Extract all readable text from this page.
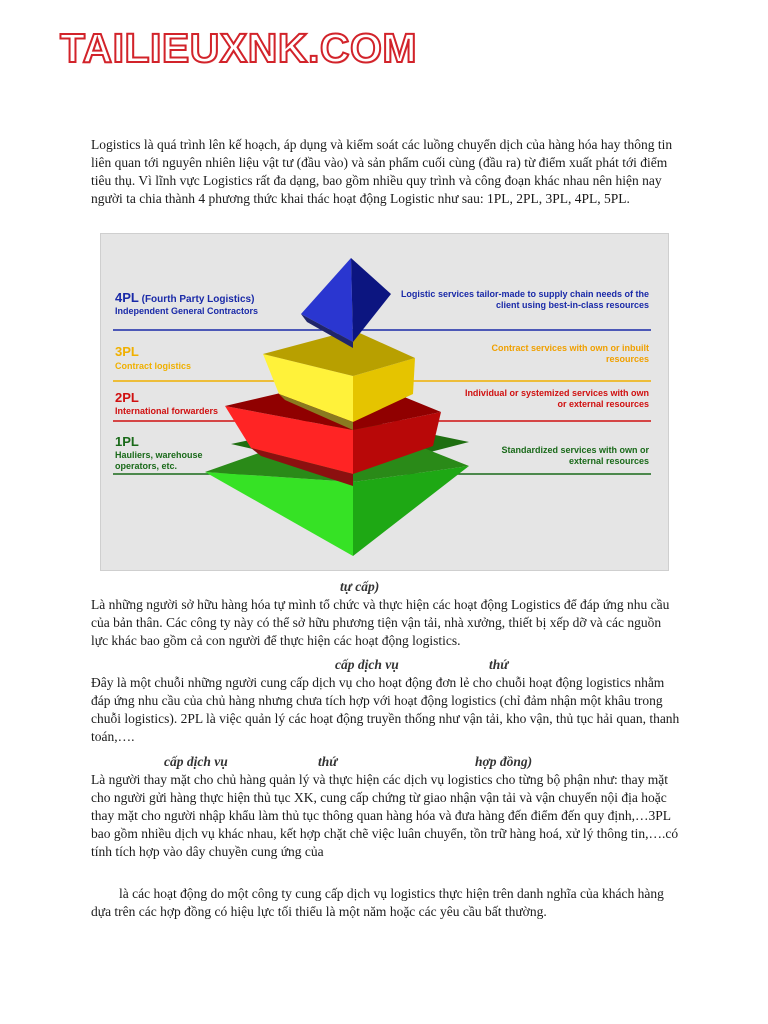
TAILIEUXNK.COM

Logistics là quá trình lên kế hoạch, áp dụng và kiểm soát các luồng chuyển dịch của hàng hóa hay thông tin liên quan tới nguyên nhiên liệu vật tư (đầu vào) và sản phẩm cuối cùng (đầu ra) từ điểm xuất phát tới điểm tiêu thụ. Vì lĩnh vực Logistics rất đa dạng, bao gồm nhiều quy trình và công đoạn khác nhau nên hiện nay người ta chia thành 4 phương thức khai thác hoạt động Logistic như sau: 1PL, 2PL, 3PL, 4PL, 5PL.

4PL (Fourth Party Logistics)
Independent General Contractors
3PL
Contract logistics
2PL
International forwarders
1PL
Hauliers, warehouse
operators, etc.
Logistic services tailor-made to supply chain needs of the
client using best-in-class resources
Contract services with own or inbuilt
resources
Individual or systemized services with own
or external resources
Standardized services with own or
external resources
tự cấp)

Là những người sở hữu hàng hóa tự mình tổ chức và thực hiện các hoạt động Logistics để đáp ứng nhu cầu của bản thân. Các công ty này có thể sở hữu phương tiện vận tải, nhà xưởng, thiết bị xếp dỡ và các nguồn lực khác bao gồm cả con người để thực hiện các hoạt động logistics.

cấp dịch vụ	thứ

Đây là một chuỗi những người cung cấp dịch vụ cho hoạt động đơn lẻ cho chuỗi hoạt động logistics nhằm đáp ứng nhu cầu của chủ hàng nhưng chưa tích hợp với hoạt động logistics (chỉ đảm nhận một khâu trong chuỗi logistics). 2PL là việc quản lý các hoạt động truyền thống như vận tải, kho vận, thủ tục hải quan, thanh toán,….

cấp dịch vụ	thứ	hợp đồng)

Là người thay mặt cho chủ hàng quản lý và thực hiện các dịch vụ logistics cho từng bộ phận như: thay mặt cho người gửi hàng thực hiện thủ tục XK, cung cấp chứng từ giao nhận vận tải và vận chuyển nội địa hoặc thay mặt cho người nhập khẩu làm thủ tục thông quan hàng hóa và đưa hàng đến điểm đến quy định,…3PL bao gồm nhiều dịch vụ khác nhau, kết hợp chặt chẽ việc luân chuyển, tồn trữ hàng hoá, xử lý thông tin,….có tính tích hợp vào dây chuyền cung ứng của

là các hoạt động do một công ty cung cấp dịch vụ logistics thực hiện trên danh nghĩa của khách hàng dựa trên các hợp đồng có hiệu lực tối thiểu là một năm hoặc các yêu cầu bất thường.
